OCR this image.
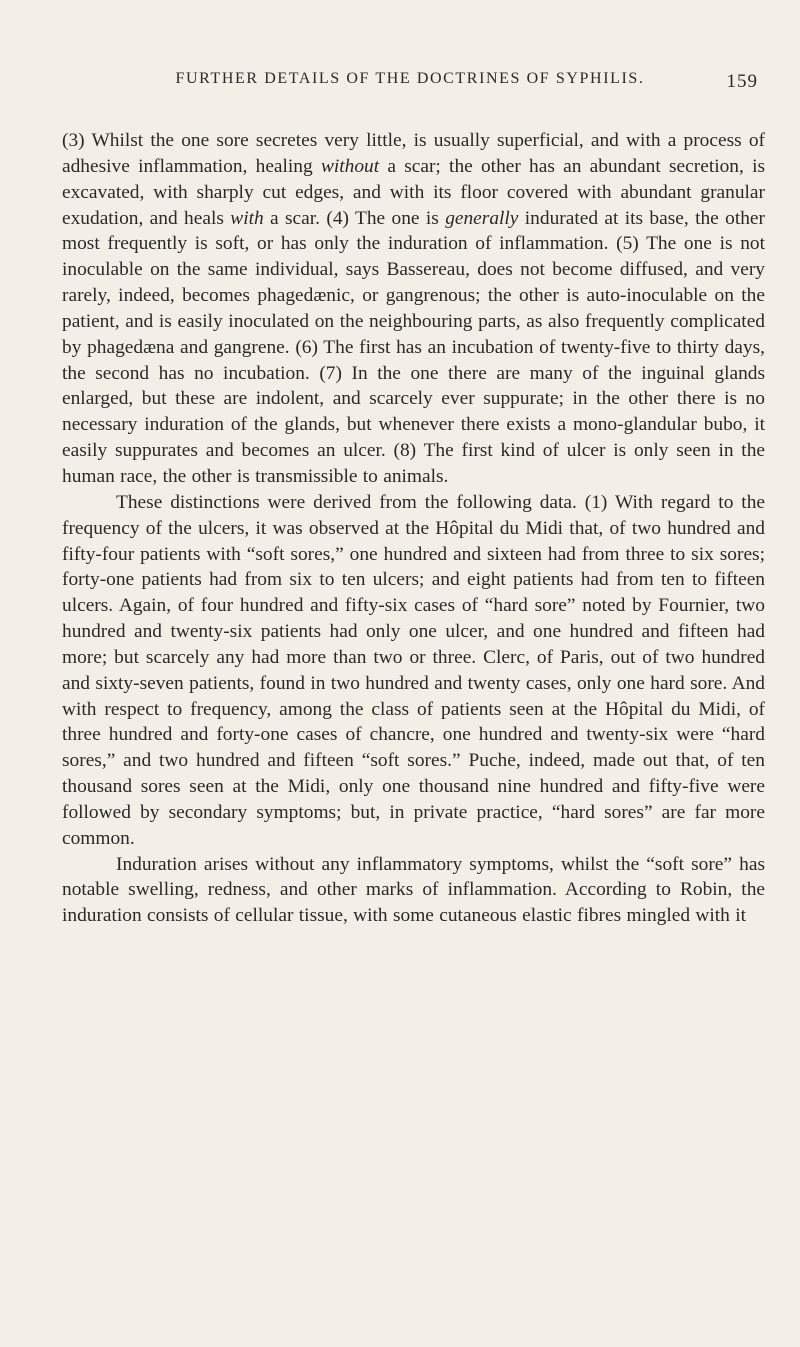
FURTHER DETAILS OF THE DOCTRINES OF SYPHILIS.	159

(3) Whilst the one sore secretes very little, is usually superficial, and with a process of adhesive inflammation, healing without a scar; the other has an abundant secretion, is excavated, with sharply cut edges, and with its floor covered with abundant granular exudation, and heals with a scar. (4) The one is generally indurated at its base, the other most frequently is soft, or has only the induration of inflammation. (5) The one is not inoculable on the same individual, says Bassereau, does not become diffused, and very rarely, indeed, becomes phagedænic, or gangrenous; the other is auto-inoculable on the patient, and is easily inoculated on the neighbouring parts, as also frequently complicated by phagedæna and gangrene. (6) The first has an incubation of twenty-five to thirty days, the second has no incubation. (7) In the one there are many of the inguinal glands enlarged, but these are indolent, and scarcely ever suppurate; in the other there is no necessary induration of the glands, but whenever there exists a mono-glandular bubo, it easily suppurates and becomes an ulcer. (8) The first kind of ulcer is only seen in the human race, the other is transmissible to animals.

These distinctions were derived from the following data. (1) With regard to the frequency of the ulcers, it was observed at the Hôpital du Midi that, of two hundred and fifty-four patients with “soft sores,” one hundred and sixteen had from three to six sores; forty-one patients had from six to ten ulcers; and eight patients had from ten to fifteen ulcers. Again, of four hundred and fifty-six cases of “hard sore” noted by Fournier, two hundred and twenty-six patients had only one ulcer, and one hundred and fifteen had more; but scarcely any had more than two or three. Clerc, of Paris, out of two hundred and sixty-seven patients, found in two hundred and twenty cases, only one hard sore. And with respect to frequency, among the class of patients seen at the Hôpital du Midi, of three hundred and forty-one cases of chancre, one hundred and twenty-six were “hard sores,” and two hundred and fifteen “soft sores.” Puche, indeed, made out that, of ten thousand sores seen at the Midi, only one thousand nine hundred and fifty-five were followed by secondary symptoms; but, in private practice, “hard sores” are far more common.

Induration arises without any inflammatory symptoms, whilst the “soft sore” has notable swelling, redness, and other marks of inflammation. According to Robin, the induration consists of cellular tissue, with some cutaneous elastic fibres mingled with it
